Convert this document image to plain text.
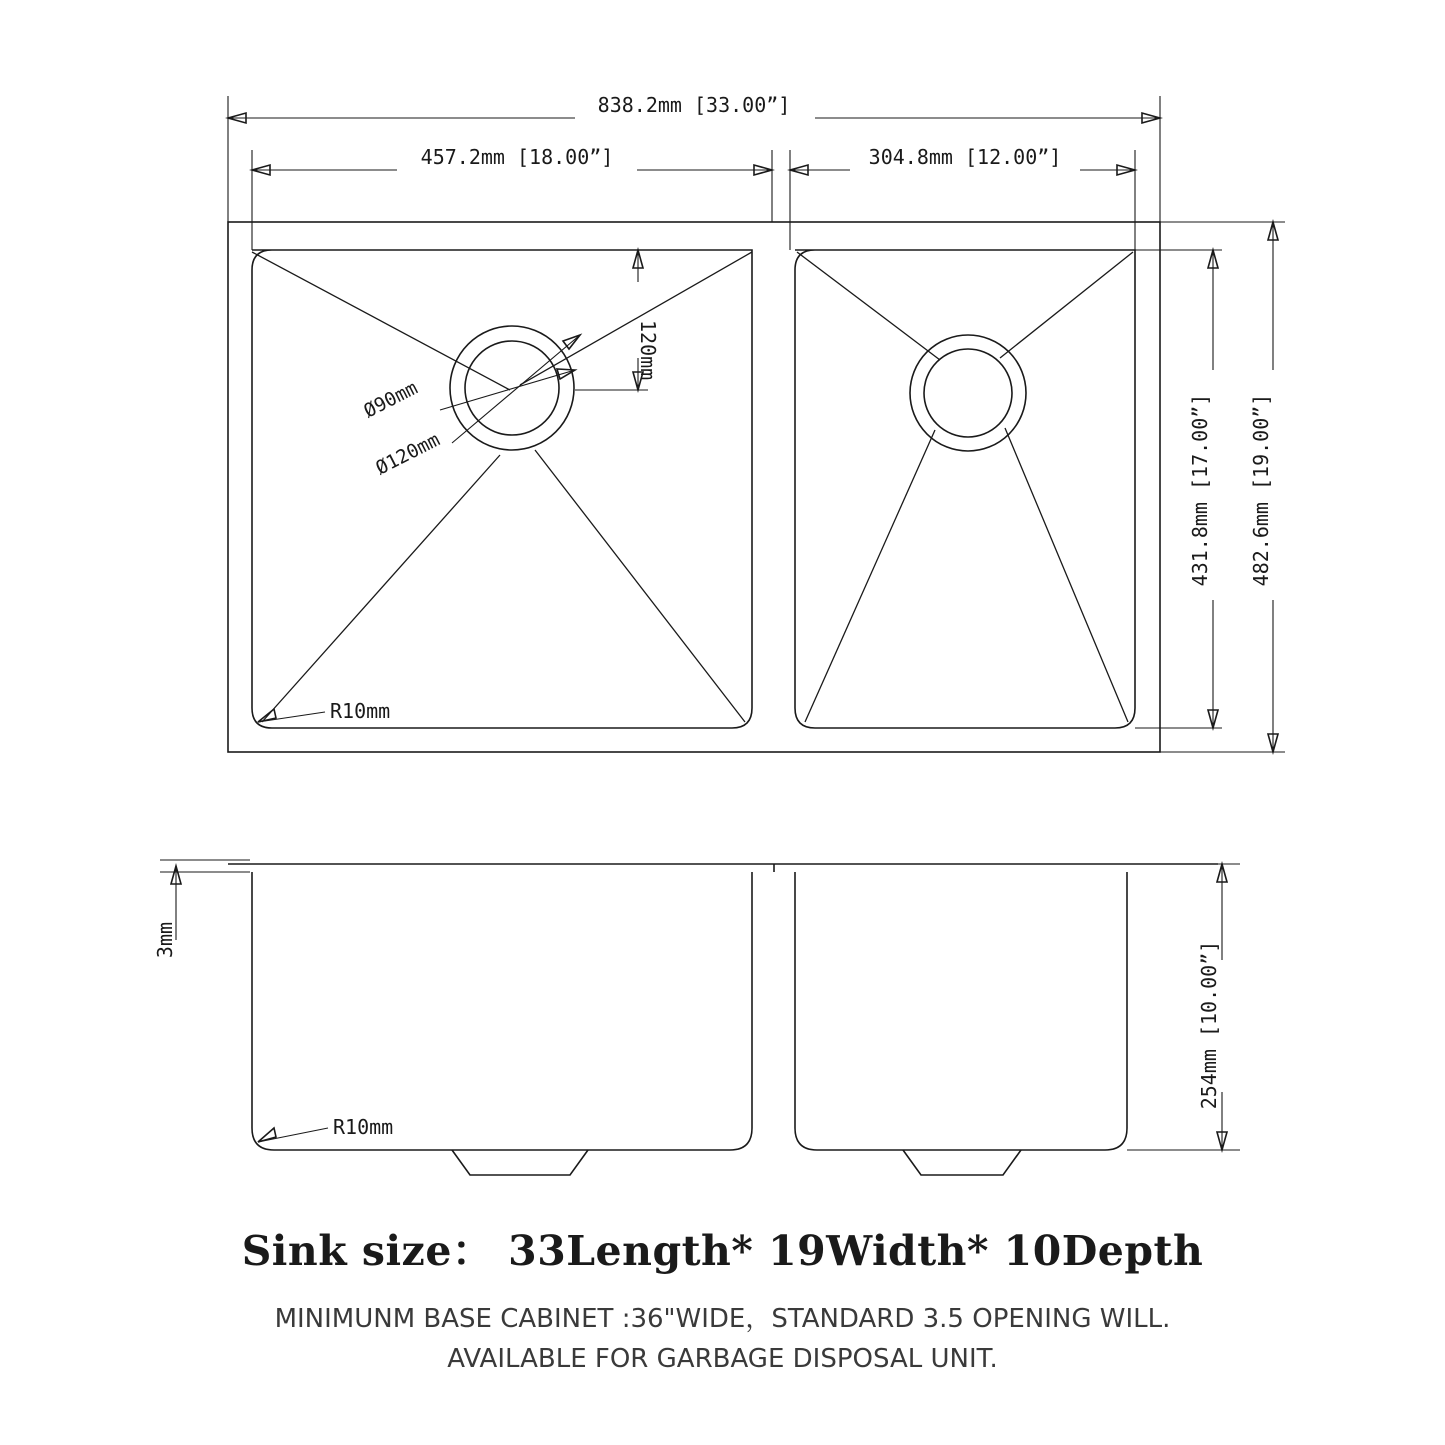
838.2mm [33.00”]
457.2mm [18.00”]	304.8mm [12.00”]
120mm
431.8mm [17.00”] 482.6mm [19.00”]
Ø90mm
Ø120mm
R10mm
3mm
254mm [10.00”]
R10mm

Sink size： 33Length* 19Width* 10Depth

MINIMUNM BASE CABINET :36"WIDE，STANDARD 3.5 OPENING WILL.

AVAILABLE FOR GARBAGE DISPOSAL UNIT.
